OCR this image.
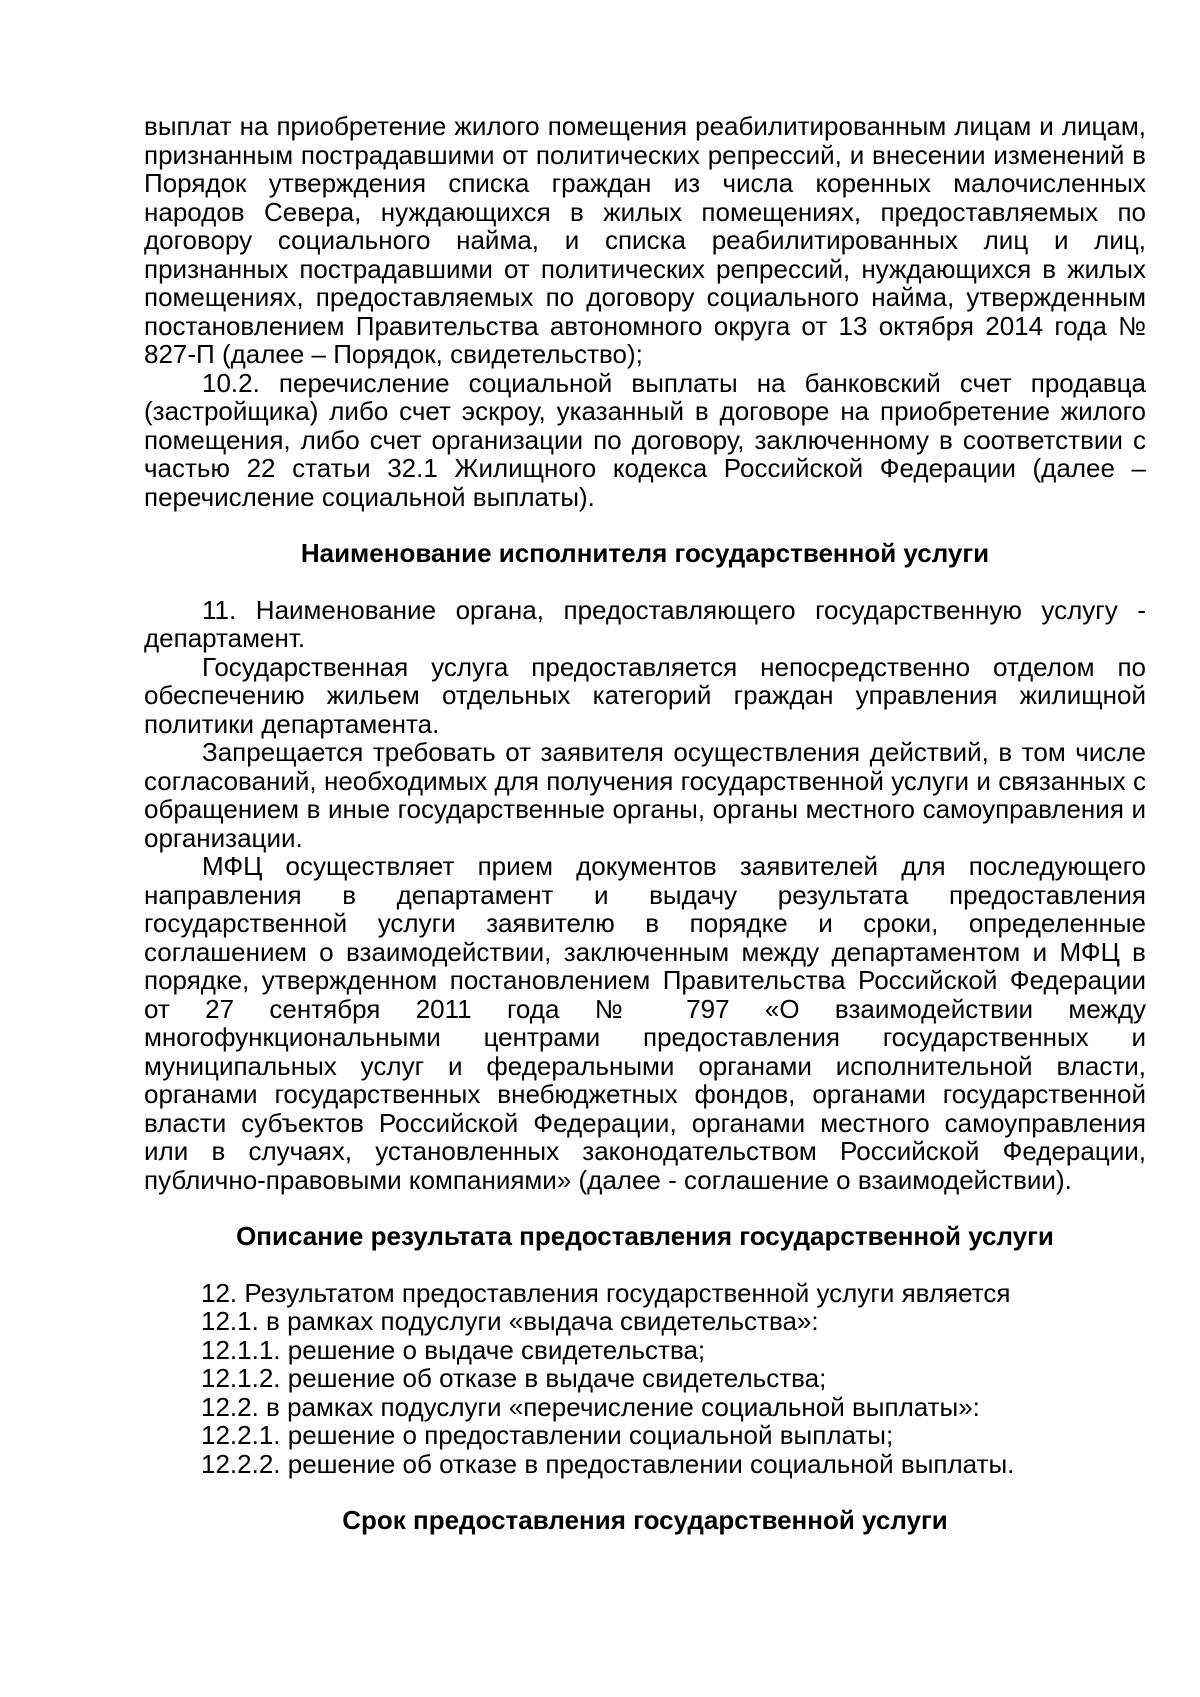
выплат на приобретение жилого помещения реабилитированным лицам и лицам, признанным пострадавшими от политических репрессий, и внесении изменений в Порядок утверждения списка граждан из числа коренных малочисленных народов Севера, нуждающихся в жилых помещениях, предоставляемых по договору социального найма, и списка реабилитированных лиц и лиц, признанных пострадавшими от политических репрессий, нуждающихся в жилых помещениях, предоставляемых по договору социального найма, утвержденным постановлением Правительства автономного округа от 13 октября 2014 года № 827-П (далее – Порядок, свидетельство);

10.2. перечисление социальной выплаты на банковский счет продавца (застройщика) либо счет эскроу, указанный в договоре на приобретение жилого помещения, либо счет организации по договору, заключенному в соответствии с частью 22 статьи 32.1 Жилищного кодекса Российской Федерации (далее – перечисление социальной выплаты).

Наименование исполнителя государственной услуги

11. Наименование органа, предоставляющего государственную услугу - департамент.

Государственная услуга предоставляется непосредственно отделом по обеспечению жильем отдельных категорий граждан управления жилищной политики департамента.

Запрещается требовать от заявителя осуществления действий, в том числе согласований, необходимых для получения государственной услуги и связанных с обращением в иные государственные органы, органы местного самоуправления и организации.

МФЦ осуществляет прием документов заявителей для последующего направления в департамент и выдачу результата предоставления государственной услуги заявителю в порядке и сроки, определенные соглашением о взаимодействии, заключенным между департаментом и МФЦ в порядке, утвержденном постановлением Правительства Российской Федерации от 27 сентября 2011 года № 797 «О взаимодействии между многофункциональными центрами предоставления государственных и муниципальных услуг и федеральными органами исполнительной власти, органами государственных внебюджетных фондов, органами государственной власти субъектов Российской Федерации, органами местного самоуправления или в случаях, установленных законодательством Российской Федерации, публично-правовыми компаниями» (далее - соглашение о взаимодействии).

Описание результата предоставления государственной услуги

12. Результатом предоставления государственной услуги является

12.1. в рамках подуслуги «выдача свидетельства»:

12.1.1. решение о выдаче свидетельства;

12.1.2. решение об отказе в выдаче свидетельства;

12.2. в рамках подуслуги «перечисление социальной выплаты»:

12.2.1. решение о предоставлении социальной выплаты;

12.2.2. решение об отказе в предоставлении социальной выплаты.

Срок предоставления государственной услуги
